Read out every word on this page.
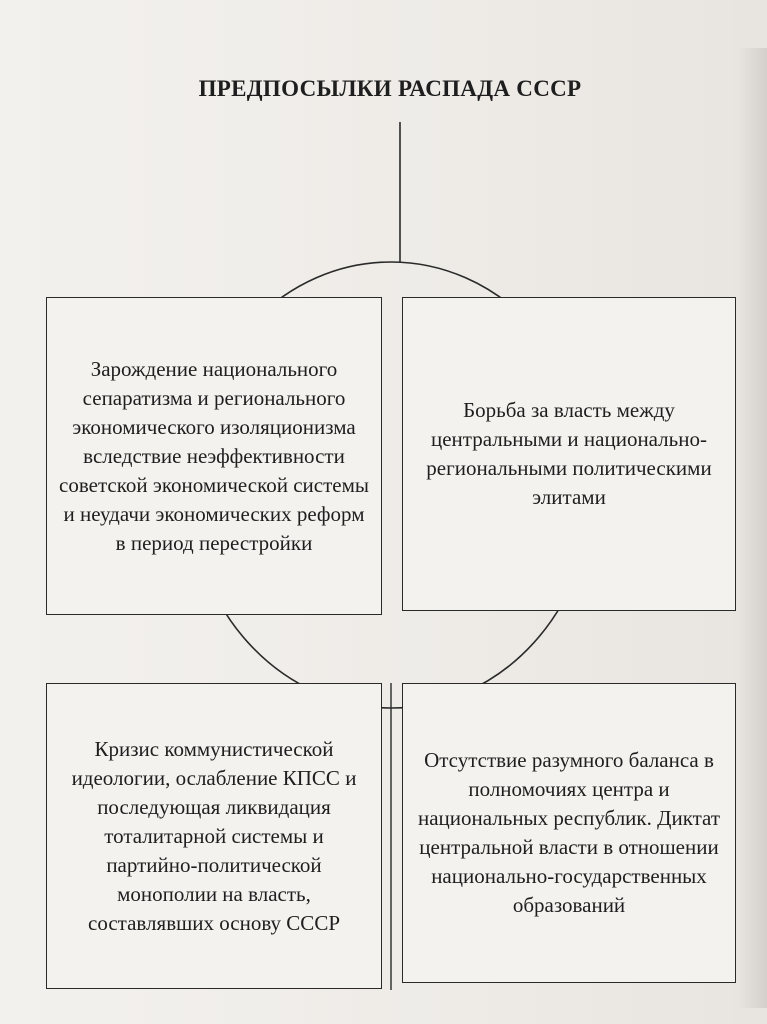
ПРЕДПОСЫЛКИ РАСПАДА СССР
Зарождение национального сепаратизма и регионального экономического изоляционизма вследствие неэффективности советской экономической системы и неудачи экономических реформ в период перестройки
Борьба за власть между центральными и национально-региональными политическими элитами
Кризис коммунистической идеологии, ослабление КПСС и последующая ликвидация тоталитарной системы и партийно-политической монополии на власть, составлявших основу СССР
Отсутствие разумного баланса в полномочиях центра и национальных республик. Диктат центральной власти в отношении национально-государственных образований
